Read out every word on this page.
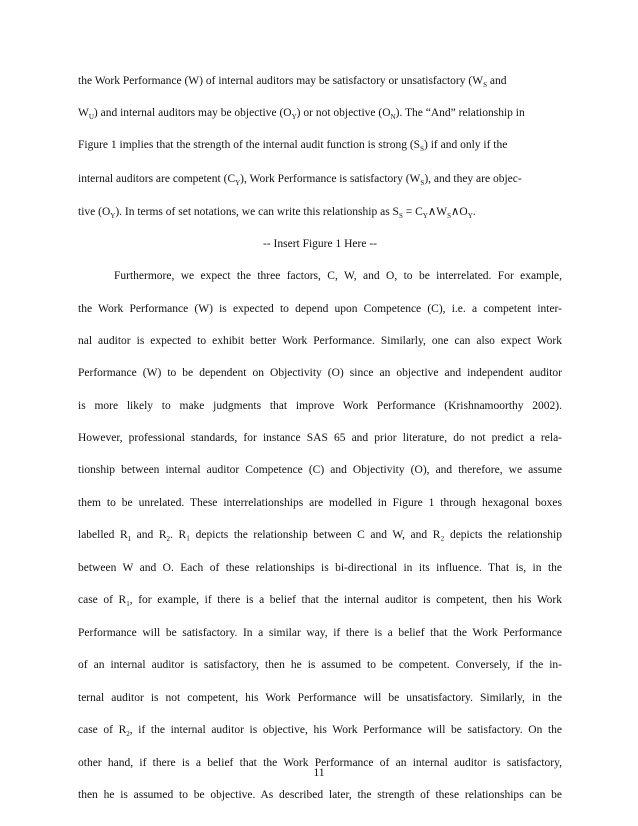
the Work Performance (W) of internal auditors may be satisfactory or unsatisfactory ($W_S$ and
$W_U$) and internal auditors may be objective $(O_Y)$ or not objective $(O_N)$. The “And” relationship in
Figure 1 implies that the strength of the internal audit function is strong $(S_S)$ if and only if the
internal auditors are competent $(C_Y)$, Work Performance is satisfactory $(W_S)$, and they are objec-
tive $(O_Y)$. In terms of set notations, we can write this relationship as $S_S$ = $C_Y\wedge W_S\wedge O_Y$.
-- Insert Figure 1 Here --
Furthermore, we expect the three factors, C, W, and O, to be interrelated. For example,
the Work Performance (W) is expected to depend upon Competence (C), i.e. a competent inter-
nal auditor is expected to exhibit better Work Performance. Similarly, one can also expect Work
Performance (W) to be dependent on Objectivity (O) since an objective and independent auditor
is more likely to make judgments that improve Work Performance (Krishnamoorthy 2002).
However, professional standards, for instance SAS 65 and prior literature, do not predict a rela-
tionship between internal auditor Competence (C) and Objectivity (O), and therefore, we assume
them to be unrelated. These interrelationships are modelled in Figure 1 through hexagonal boxes
labelled $R_1$ and $R_2$. R₁ depicts the relationship between C and W, and R₂ depicts the relationship
between W and O. Each of these relationships is bi-directional in its influence. That is, in the
case of $R_1$, for example, if there is a belief that the internal auditor is competent, then his Work
Performance will be satisfactory. In a similar way, if there is a belief that the Work Performance
of an internal auditor is satisfactory, then he is assumed to be competent. Conversely, if the in-
ternal auditor is not competent, his Work Performance will be unsatisfactory. Similarly, in the
case of $R_2$, if the internal auditor is objective, his Work Performance will be satisfactory. On the
other hand, if there is a belief that the Work Performance of an internal auditor is satisfactory,
then he is assumed to be objective. As described later, the strength of these relationships can be
11
